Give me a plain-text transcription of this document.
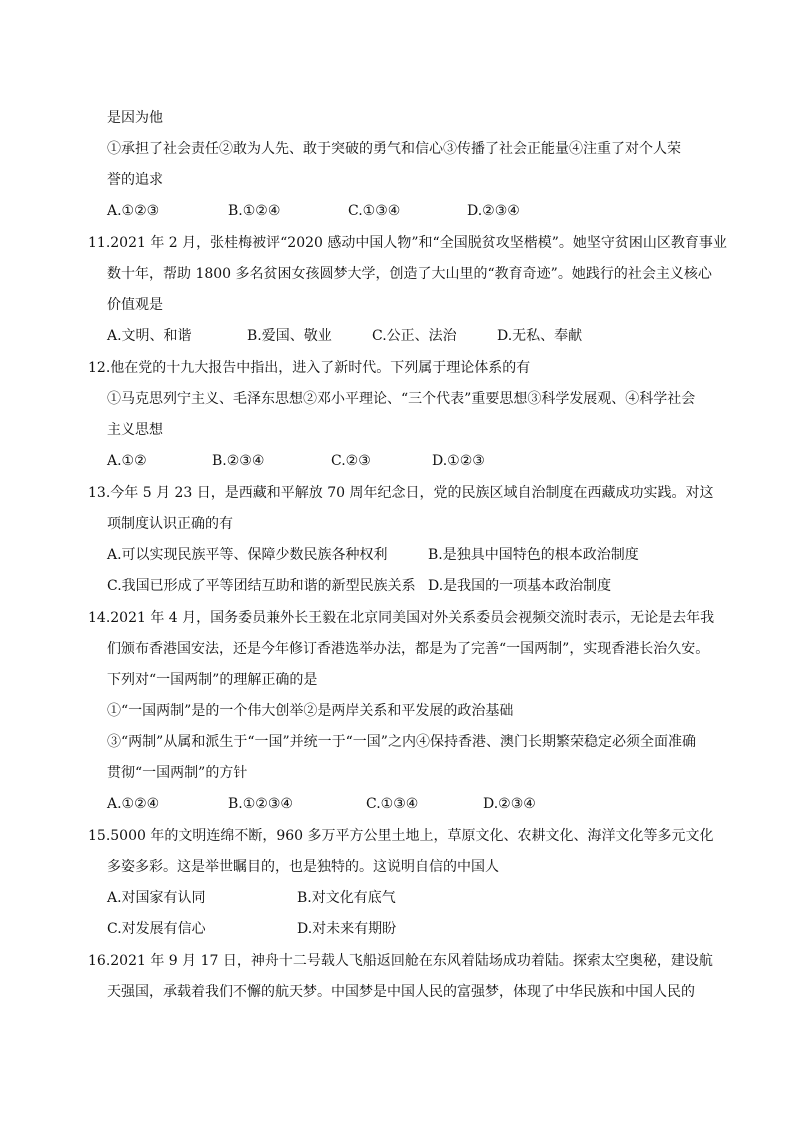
是因为他
①承担了社会责任②敢为人先、敢于突破的勇气和信心③传播了社会正能量④注重了对个人荣
誉的追求
A.①②③	B.①②④	C.①③④	D.②③④
11.2021 年 2 月，张桂梅被评“2020 感动中国人物”和“全国脱贫攻坚楷模”。她坚守贫困山区教育事业
数十年，帮助 1800 多名贫困女孩圆梦大学，创造了大山里的“教育奇迹”。她践行的社会主义核心
价值观是
A.文明、和谐	B.爱国、敬业	C.公正、法治	D.无私、奉献
12.他在党的十九大报告中指出，进入了新时代。下列属于理论体系的有
①马克思列宁主义、毛泽东思想②邓小平理论、“三个代表”重要思想③科学发展观、④科学社会
主义思想
A.①②	B.②③④	C.②③	D.①②③
13.今年 5 月 23 日，是西藏和平解放 70 周年纪念日，党的民族区域自治制度在西藏成功实践。对这
项制度认识正确的有
A.可以实现民族平等、保障少数民族各种权利	B.是独具中国特色的根本政治制度
C.我国已形成了平等团结互助和谐的新型民族关系 D.是我国的一项基本政治制度
14.2021 年 4 月，国务委员兼外长王毅在北京同美国对外关系委员会视频交流时表示，无论是去年我
们颁布香港国安法，还是今年修订香港选举办法，都是为了完善“一国两制”，实现香港长治久安。
下列对“一国两制”的理解正确的是
①“一国两制”是的一个伟大创举②是两岸关系和平发展的政治基础
③“两制”从属和派生于“一国”并统一于“一国”之内④保持香港、澳门长期繁荣稳定必须全面准确
贯彻“一国两制”的方针
A.①②④	B.①②③④	C.①③④	D.②③④
15.5000 年的文明连绵不断，960 多万平方公里土地上，草原文化、农耕文化、海洋文化等多元文化
多姿多彩。这是举世瞩目的，也是独特的。这说明自信的中国人
A.对国家有认同	B.对文化有底气
C.对发展有信心	D.对未来有期盼
16.2021 年 9 月 17 日，神舟十二号载人飞船返回舱在东风着陆场成功着陆。探索太空奥秘，建设航
天强国，承载着我们不懈的航天梦。中国梦是中国人民的富强梦，体现了中华民族和中国人民的
